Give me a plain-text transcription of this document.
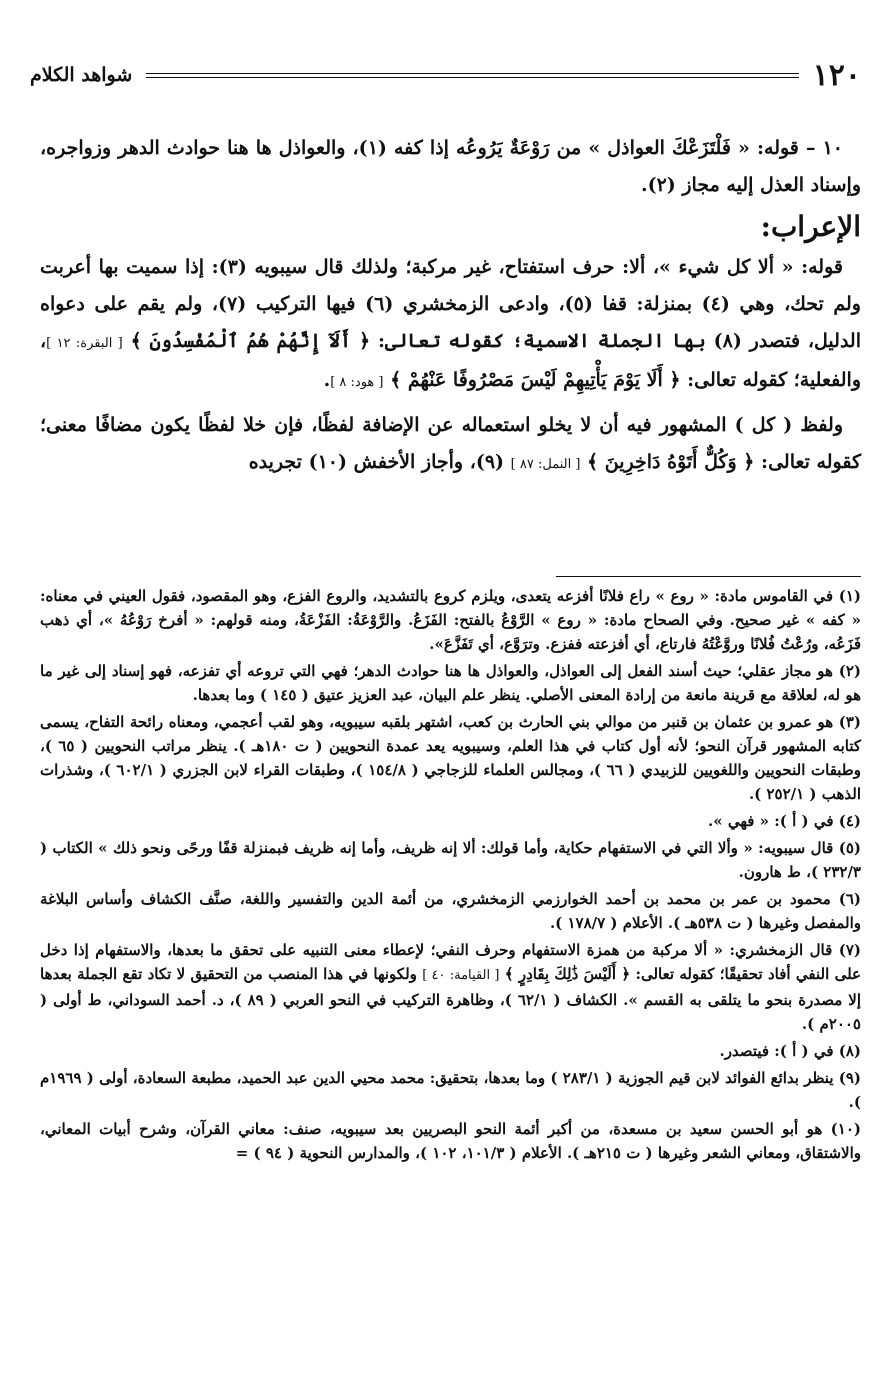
١٢٠
شواهد الكلام

١٠ – قوله: « فَلْتَزَعْكَ العواذل » من رَوْعَةٌ يَرُوعُه إذا كفه (١)، والعواذل ها هنا حوادث الدهر وزواجره، وإسناد العذل إليه مجاز (٢).

الإعراب:

قوله: « ألا كل شيء »، ألا: حرف استفتاح، غير مركبة؛ ولذلك قال سيبويه (٣): إذا سميت بها أعربت ولم تحك، وهي (٤) بمنزلة: قفا (٥)، وادعى الزمخشري (٦) فيها التركيب (٧)، ولم يقم على دعواه الدليل، فتصدر (٨) بها الجملة الاسمية؛ كقوله تعالى: ﴿ أَلَآ إِنَّهُمْ هُمُ ٱلْمُفْسِدُونَ ﴾ [ البقرة: ١٢ ]، والفعلية؛ كقوله تعالى: ﴿ أَلَا يَوْمَ يَأْتِيهِمْ لَيْسَ مَصْرُوفًا عَنْهُمْ ﴾ [ هود: ٨ ].

ولفظ ( كل ) المشهور فيه أن لا يخلو استعماله عن الإضافة لفظًا، فإن خلا لفظًا يكون مضافًا معنى؛ كقوله تعالى: ﴿ وَكُلٌّ أَتَوْهُ دَاخِرِينَ ﴾ [ النمل: ٨٧ ] (٩)، وأجاز الأخفش (١٠) تجريده

(١) في القاموس مادة: « روع » راع فلانًا أفزعه يتعدى، ويلزم كروع بالتشديد، والروع الفزع، وهو المقصود، فقول العيني في معناه: « كفه » غير صحيح. وفي الصحاح مادة: « روع » الرَّوْعُ بالفتح: الفَزَعُ. والرَّوْعَةُ: الفَزْعَةُ، ومنه قولهم: « أفرخ رَوْعُهُ »، أي ذهب فَزَعُه، ورُعْتُ فُلانًا وروَّعْتُهُ فارتاع، أي أفزعته ففزع. وترَوَّع، أي تَفَزَّعَ».

(٢) هو مجاز عقلي؛ حيث أسند الفعل إلى العواذل، والعواذل ها هنا حوادث الدهر؛ فهي التي تروعه أي تفزعه، فهو إسناد إلى غير ما هو له، لعلاقة مع قرينة مانعة من إرادة المعنى الأصلي. ينظر علم البيان، عبد العزيز عتيق ( ١٤٥ ) وما بعدها.

(٣) هو عمرو بن عثمان بن قنبر من موالي بني الحارث بن كعب، اشتهر بلقبه سيبويه، وهو لقب أعجمي، ومعناه رائحة التفاح، يسمى كتابه المشهور قرآن النحو؛ لأنه أول كتاب في هذا العلم، وسيبويه يعد عمدة النحويين ( ت ١٨٠هـ ). ينظر مراتب النحويين ( ٦٥ )، وطبقات النحويين واللغويين للزبيدي ( ٦٦ )، ومجالس العلماء للزجاجي ( ١٥٤/٨ )، وطبقات القراء لابن الجزري ( ٦٠٢/١ )، وشذرات الذهب ( ٢٥٢/١ ).

(٤) في ( أ ): « فهي ».

(٥) قال سيبويه: « وألا التي في الاستفهام حكاية، وأما قولك: ألا إنه ظريف، وأما إنه ظريف فبمنزلة قفًا ورحًى ونحو ذلك » الكتاب ( ٢٣٢/٣ )، ط هارون.

(٦) محمود بن عمر بن محمد بن أحمد الخوارزمي الزمخشري، من أئمة الدين والتفسير واللغة، صنَّف الكشاف وأساس البلاغة والمفصل وغيرها ( ت ٥٣٨هـ ). الأعلام ( ١٧٨/٧ ).

(٧) قال الزمخشري: « ألا مركبة من همزة الاستفهام وحرف النفي؛ لإعطاء معنى التنبيه على تحقق ما بعدها، والاستفهام إذا دخل على النفي أفاد تحقيقًا؛ كقوله تعالى: ﴿ أَلَيْسَ ذَٰلِكَ بِقَادِرٍ ﴾ [ القيامة: ٤٠ ] ولكونها في هذا المنصب من التحقيق لا تكاد تقع الجملة بعدها إلا مصدرة بنحو ما يتلقى به القسم ». الكشاف ( ٦٢/١ )، وظاهرة التركيب في النحو العربي ( ٨٩ )، د. أحمد السوداني، ط أولى ( ٢٠٠٥م ).

(٨) في ( أ ): فيتصدر.

(٩) ينظر بدائع الفوائد لابن قيم الجوزية ( ٢٨٣/١ ) وما بعدها، بتحقيق: محمد محيي الدين عبد الحميد، مطبعة السعادة، أولى ( ١٩٦٩م ).

(١٠) هو أبو الحسن سعيد بن مسعدة، من أكبر أئمة النحو البصريين بعد سيبويه، صنف: معاني القرآن، وشرح أبيات المعاني، والاشتقاق، ومعاني الشعر وغيرها ( ت ٢١٥هـ ). الأعلام ( ١٠١/٣، ١٠٢ )، والمدارس النحوية ( ٩٤ ) =
